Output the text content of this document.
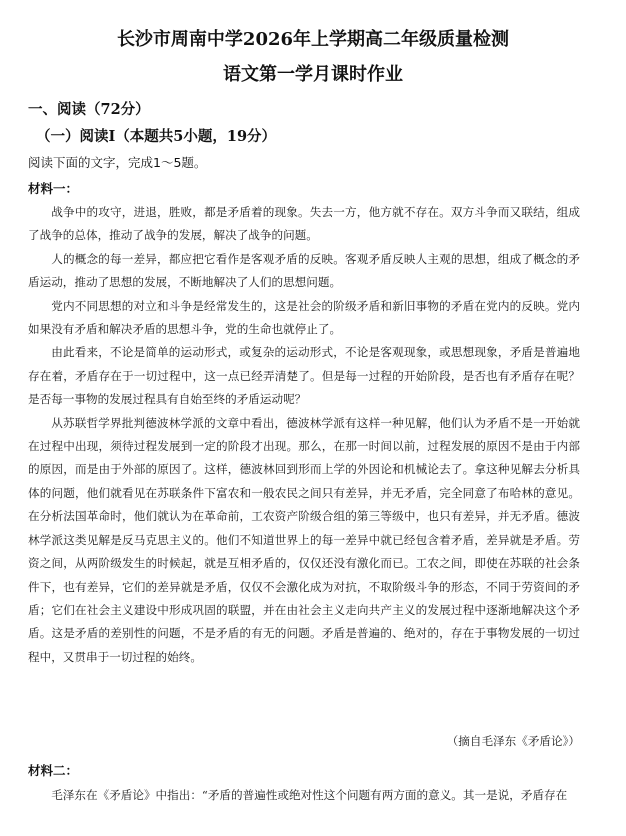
长沙市周南中学2026年上学期高二年级质量检测
语文第一学月课时作业
一、阅读（72分）
（一）阅读Ⅰ（本题共5小题，19分）
阅读下面的文字，完成1～5题。
材料一：

战争中的攻守，进退，胜败，都是矛盾着的现象。失去一方，他方就不存在。双方斗争而又联结，组成了战争的总体，推动了战争的发展，解决了战争的问题。

人的概念的每一差异，都应把它看作是客观矛盾的反映。客观矛盾反映人主观的思想，组成了概念的矛盾运动，推动了思想的发展，不断地解决了人们的思想问题。

党内不同思想的对立和斗争是经常发生的，这是社会的阶级矛盾和新旧事物的矛盾在党内的反映。党内如果没有矛盾和解决矛盾的思想斗争，党的生命也就停止了。

由此看来，不论是简单的运动形式，或复杂的运动形式，不论是客观现象，或思想现象，矛盾是普遍地存在着，矛盾存在于一切过程中，这一点已经弄清楚了。但是每一过程的开始阶段，是否也有矛盾存在呢？是否每一事物的发展过程具有自始至终的矛盾运动呢？

从苏联哲学界批判德波林学派的文章中看出，德波林学派有这样一种见解，他们认为矛盾不是一开始就在过程中出现，须待过程发展到一定的阶段才出现。那么，在那一时间以前，过程发展的原因不是由于内部的原因，而是由于外部的原因了。这样，德波林回到形而上学的外因论和机械论去了。拿这种见解去分析具体的问题，他们就看见在苏联条件下富农和一般农民之间只有差异，并无矛盾，完全同意了布哈林的意见。在分析法国革命时，他们就认为在革命前，工农资产阶级合组的第三等级中，也只有差异，并无矛盾。德波林学派这类见解是反马克思主义的。他们不知道世界上的每一差异中就已经包含着矛盾，差异就是矛盾。劳资之间，从两阶级发生的时候起，就是互相矛盾的，仅仅还没有激化而已。工农之间，即使在苏联的社会条件下，也有差异，它们的差异就是矛盾，仅仅不会激化成为对抗，不取阶级斗争的形态，不同于劳资间的矛盾；它们在社会主义建设中形成巩固的联盟，并在由社会主义走向共产主义的发展过程中逐渐地解决这个矛盾。这是矛盾的差别性的问题，不是矛盾的有无的问题。矛盾是普遍的、绝对的，存在于事物发展的一切过程中，又贯串于一切过程的始终。

（摘自毛泽东《矛盾论》）
材料二：

毛泽东在《矛盾论》中指出：“矛盾的普遍性或绝对性这个问题有两方面的意义。其一是说，矛盾存在
